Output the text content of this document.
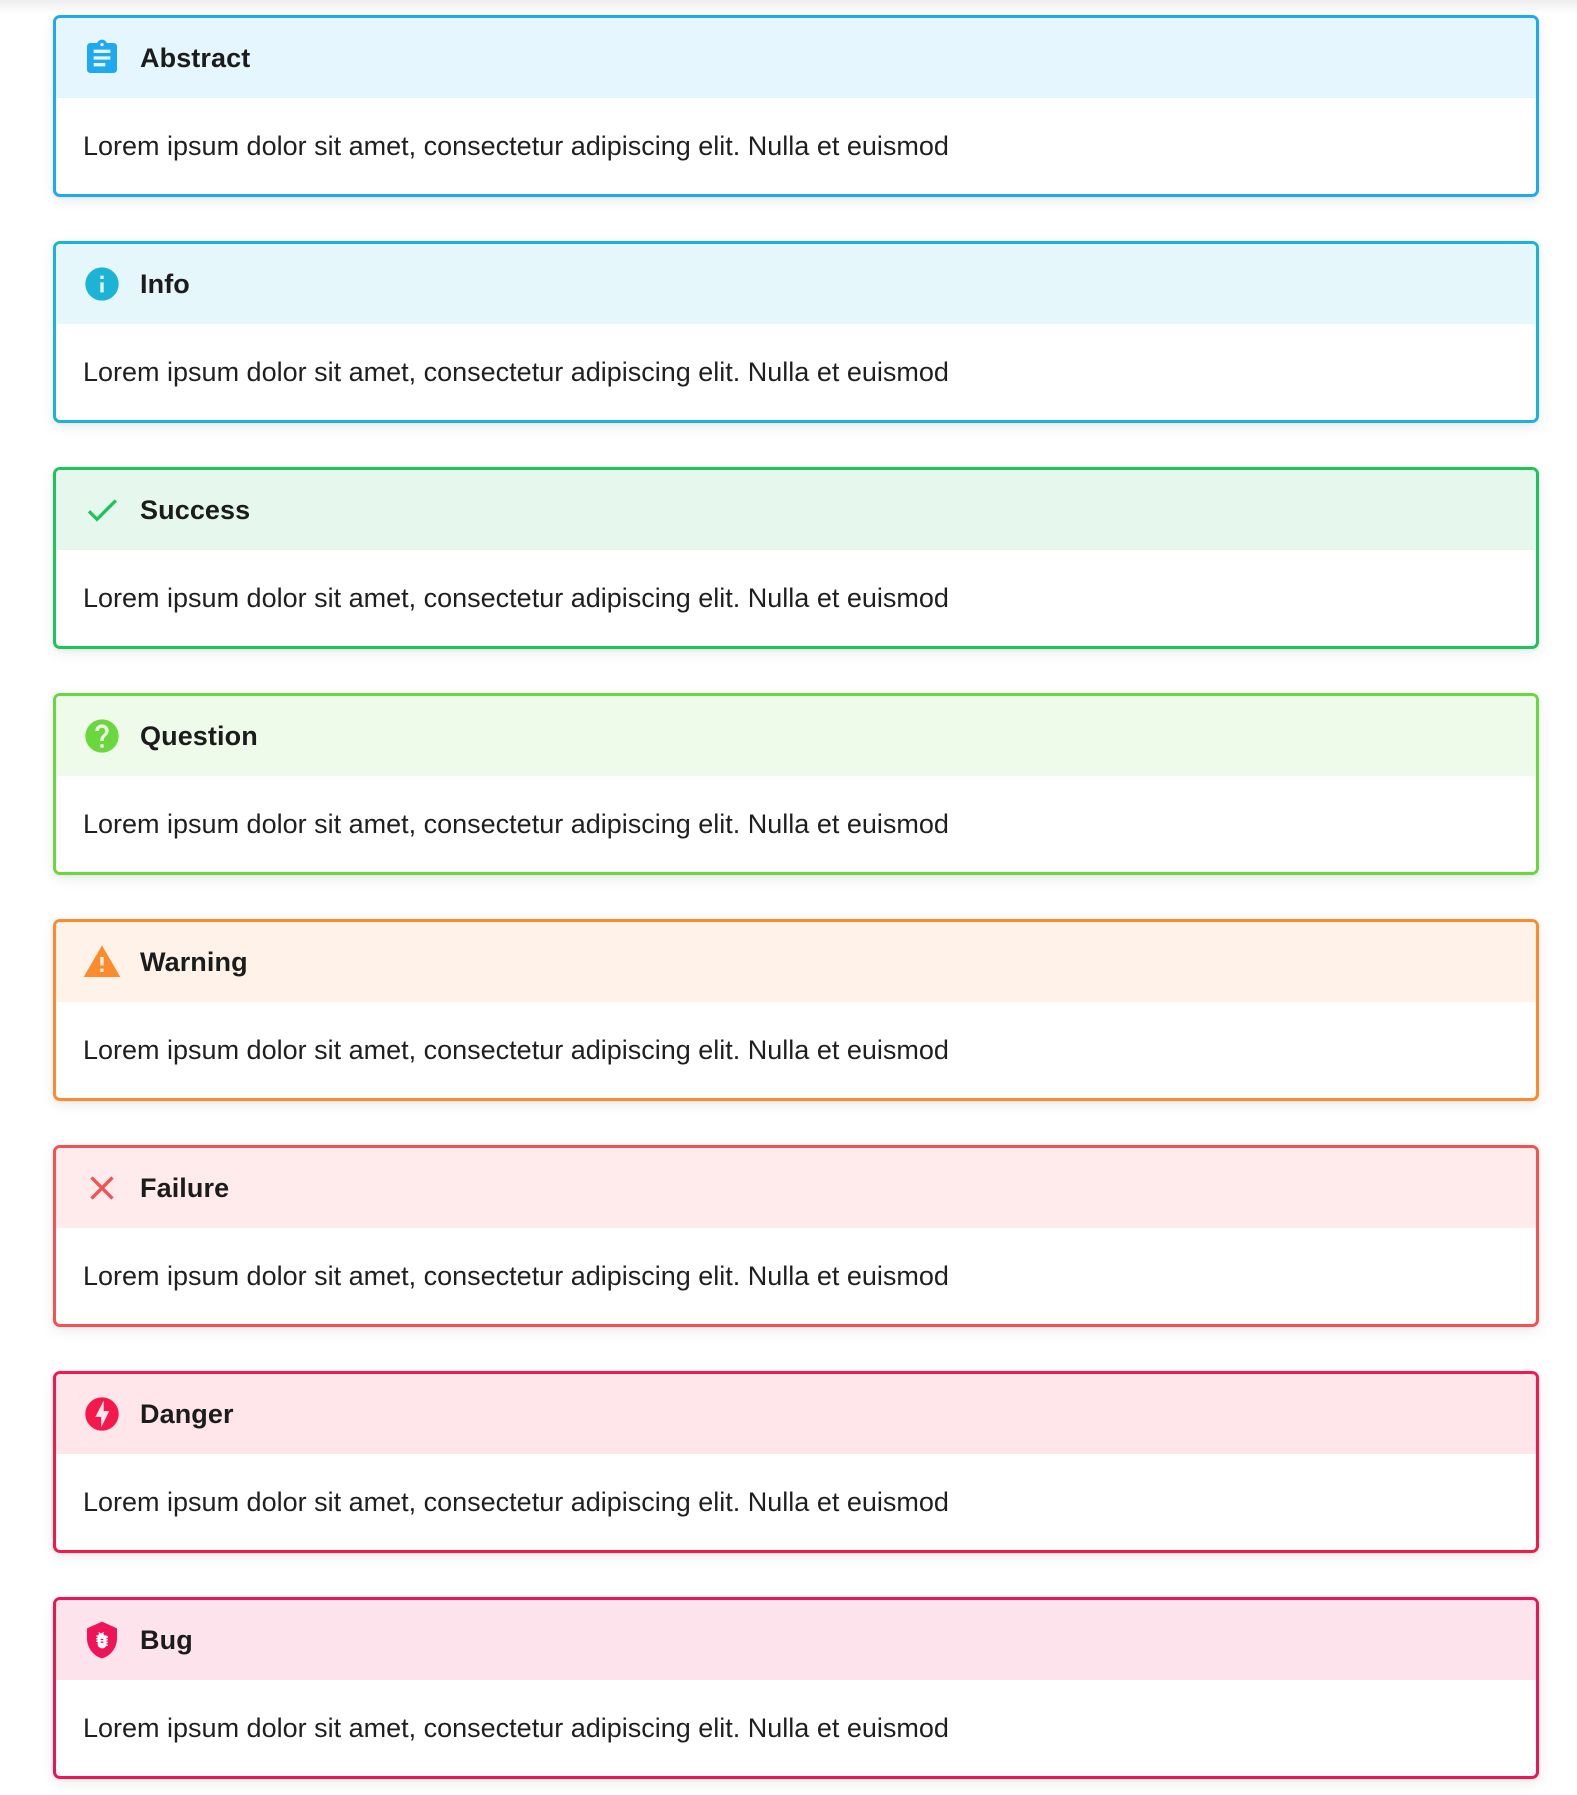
Abstract
Lorem ipsum dolor sit amet, consectetur adipiscing elit. Nulla et euismod
Info
Lorem ipsum dolor sit amet, consectetur adipiscing elit. Nulla et euismod
Success
Lorem ipsum dolor sit amet, consectetur adipiscing elit. Nulla et euismod
Question
Lorem ipsum dolor sit amet, consectetur adipiscing elit. Nulla et euismod
Warning
Lorem ipsum dolor sit amet, consectetur adipiscing elit. Nulla et euismod
Failure
Lorem ipsum dolor sit amet, consectetur adipiscing elit. Nulla et euismod
Danger
Lorem ipsum dolor sit amet, consectetur adipiscing elit. Nulla et euismod
Bug
Lorem ipsum dolor sit amet, consectetur adipiscing elit. Nulla et euismod
